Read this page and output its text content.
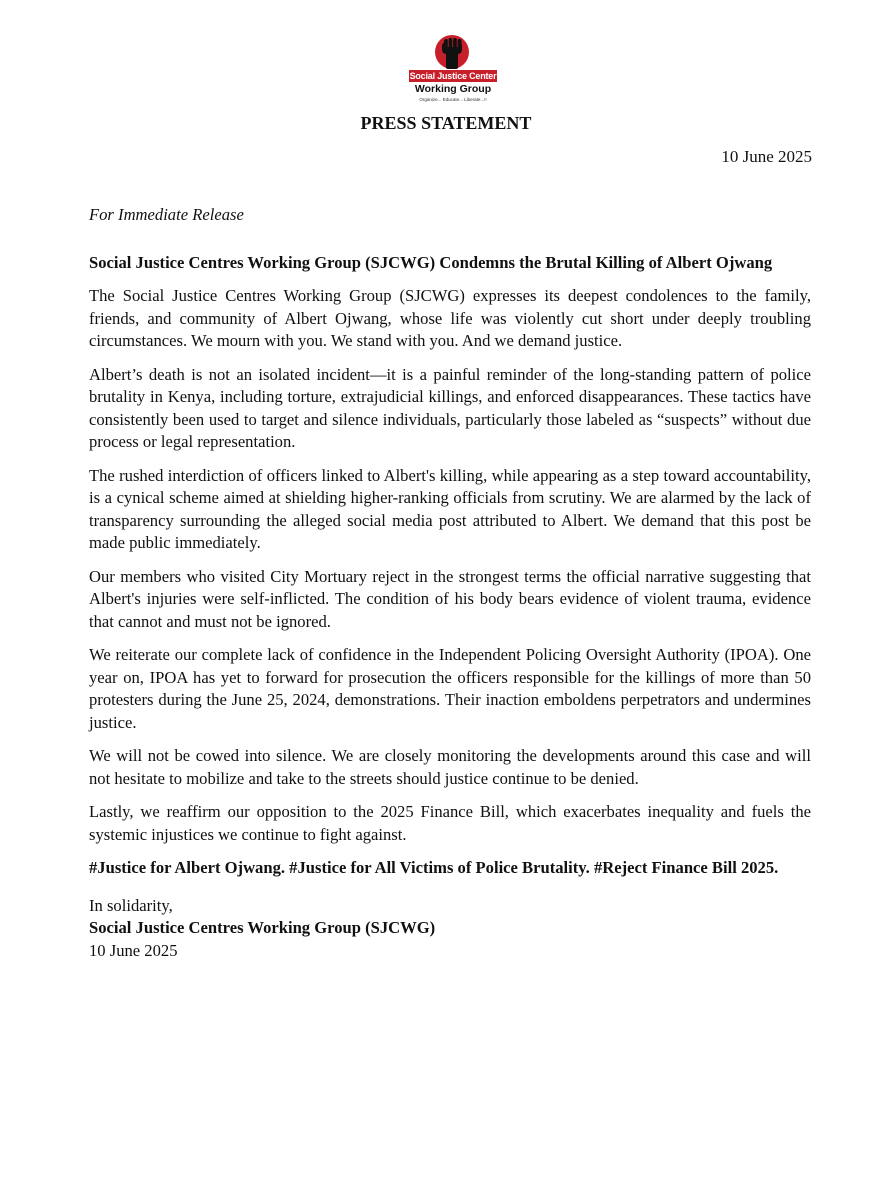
Social Justice Center
Working Group
Organize... Educate... Liberate...!!
PRESS STATEMENT
10 June 2025

For Immediate Release

Social Justice Centres Working Group (SJCWG) Condemns the Brutal Killing of Albert Ojwang

The Social Justice Centres Working Group (SJCWG) expresses its deepest condolences to the family, friends, and community of Albert Ojwang, whose life was violently cut short under deeply troubling circumstances. We mourn with you. We stand with you. And we demand justice.

Albert’s death is not an isolated incident—it is a painful reminder of the long-standing pattern of police brutality in Kenya, including torture, extrajudicial killings, and enforced disappearances. These tactics have consistently been used to target and silence individuals, particularly those labeled as “suspects” without due process or legal representation.

The rushed interdiction of officers linked to Albert's killing, while appearing as a step toward accountability, is a cynical scheme aimed at shielding higher-ranking officials from scrutiny. We are alarmed by the lack of transparency surrounding the alleged social media post attributed to Albert. We demand that this post be made public immediately.

Our members who visited City Mortuary reject in the strongest terms the official narrative suggesting that Albert's injuries were self-inflicted. The condition of his body bears evidence of violent trauma, evidence that cannot and must not be ignored.

We reiterate our complete lack of confidence in the Independent Policing Oversight Authority (IPOA). One year on, IPOA has yet to forward for prosecution the officers responsible for the killings of more than 50 protesters during the June 25, 2024, demonstrations. Their inaction emboldens perpetrators and undermines justice.

We will not be cowed into silence. We are closely monitoring the developments around this case and will not hesitate to mobilize and take to the streets should justice continue to be denied.

Lastly, we reaffirm our opposition to the 2025 Finance Bill, which exacerbates inequality and fuels the systemic injustices we continue to fight against.

#Justice for Albert Ojwang. #Justice for All Victims of Police Brutality. #Reject Finance Bill 2025.

In solidarity,

Social Justice Centres Working Group (SJCWG)

10 June 2025
